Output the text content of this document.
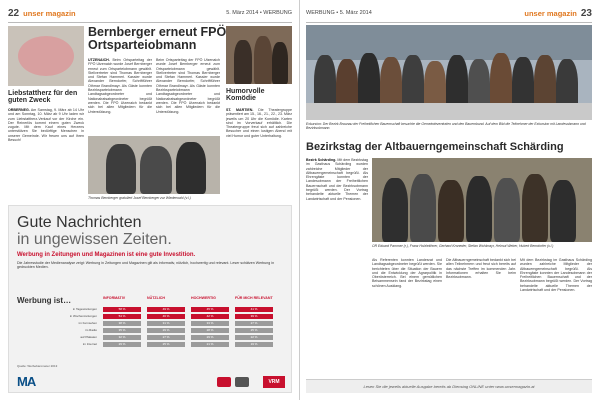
22 unser magazin	5. März 2014 • WERBUNG
Bernberger erneut FPÖ Ortsparteiobmann
UTZENAICH. Beim Ortsparteitag der FPÖ Utzenaich wurde Josef Bernberger erneut zum Ortsparteiobmann gewählt. Stellvertreter sind Thomas Bernberger und Stefan Hammerl. Kassier wurde Alexander Berndorfer, Schriftführer Othmar Brandlmayr. Als Gäste konnten Bezirksparteiobmann Landtagsabgeordneter und Nationalratsabgeordneter begrüßt werden. Die FPÖ Utzenaich bedankt sich bei allen Mitgliedern für die Unterstützung.
Beim Ortsparteitag der FPÖ Utzenaich wurde Josef Bernberger erneut zum Ortsparteiobmann gewählt. Stellvertreter sind Thomas Bernberger und Stefan Hammerl. Kassier wurde Alexander Berndorfer, Schriftführer Othmar Brandlmayr. Als Gäste konnten Bezirksparteiobmann Landtagsabgeordneter und Nationalratsabgeordneter begrüßt werden. Die FPÖ Utzenaich bedankt sich bei allen Mitgliedern für die Unterstützung.
Thomas Bernberger gratuliert Josef Bernberger zur Wiederwahl (v.l.)
Liebstattherz für den guten Zweck
ORBERNEG. Am Samstag, 9. März ab 14 Uhr und am Sonntag, 10. März ab 9 Uhr laden wir zum Liebstattherz-Verkauf vor der Kirche ein. Der Reinerlös kommt einem guten Zweck zugute. Mit dem Kauf eines Herzens unterstützen Sie bedürftige Menschen in unserer Gemeinde. Wir freuen uns auf Ihren Besuch!
Humorvolle Komödie
ST. MARTIEN. Die Theatergruppe präsentiert am 15., 16., 21., 22., 23. März jeweils um 20 Uhr die Komödie. Karten sind im Vorverkauf erhältlich. Die Theatergruppe freut sich auf zahlreiche Besucher und einen lustigen Abend mit viel Humor und guter Unterhaltung.
Gute Nachrichten
in ungewissen Zeiten.
Werbung in Zeitungen und Magazinen ist eine gute Investition.
Die Jahresstudie der Medienanalyse zeigt: Werbung in Zeitungen und Magazinen gilt als informativ, nützlich, hochwertig und relevant. Leser schätzen Werbung in gedruckten Medien.
Werbung ist…	INFORMATIV	NÜTZLICH	HOCHWERTIG	FÜR MICH RELEVANT
in Tageszeitungen	58 %	49 %	45 %	41 %
in Wochenzeitungen	54 %	46 %	42 %	39 %
im Fernsehen	38 %	31 %	33 %	27 %
im Radio	35 %	29 %	28 %	25 %
auf Plakaten	32 %	27 %	29 %	22 %
im Internet	29 %	25 %	21 %	19 %
Quelle: Werbebarometer 2013
MA	VRM
WERBUNG • 5. März 2014	unser magazin 23
Exkursion: Der Bezirk Braunau der Freiheitlichen Bauernschaft besuchte die Gemeindezentralen und den Bauernbund. Auf dem Bild die Teilnehmer der Exkursion mit Landesobmann und Bezirksobmann.
Bezirkstag der Altbauerngemeinschaft Schärding
Bezirk Schärding. Mit dem Bezirkstag im Gasthaus Schärding wurden zahlreiche Mitglieder der Altbauerngemeinschaft begrüßt. Als Ehrengäste konnten der Landesobmann der Freiheitlichen Bauernschaft und der Bezirksobmann begrüßt werden. Der Vortrag behandelte aktuelle Themen der Landwirtschaft und der Pensionen.
OR Eduard Pammer (r.), Franz Holzleithner, Gerhard Kroneder, Stefan Wohlmayr, Helmut Weber, Hubert Berndorfer (v.l.)
Als Referenten konnten Landesrat und Landtagsabgeordneter begrüßt werden. Sie berichteten über die Situation der Bauern und die Entwicklung der Agrarpolitik in Oberösterreich. Bei einem gemütlichen Beisammensein fand der Bezirkstag einen schönen Ausklang.
Die Altbauerngemeinschaft bedankt sich bei allen Teilnehmern und freut sich bereits auf das nächste Treffen im kommenden Jahr. Informationen erhalten Sie beim Bezirksobmann.
Mit dem Bezirkstag im Gasthaus Schärding wurden zahlreiche Mitglieder der Altbauerngemeinschaft begrüßt. Als Ehrengäste konnten der Landesobmann der Freiheitlichen Bauernschaft und der Bezirksobmann begrüßt werden. Der Vortrag behandelte aktuelle Themen der Landwirtschaft und der Pensionen.
Lesen Sie die jeweils aktuelle Ausgabe bereits ab Dienstag ONLINE unter www.unsermagazin.at
